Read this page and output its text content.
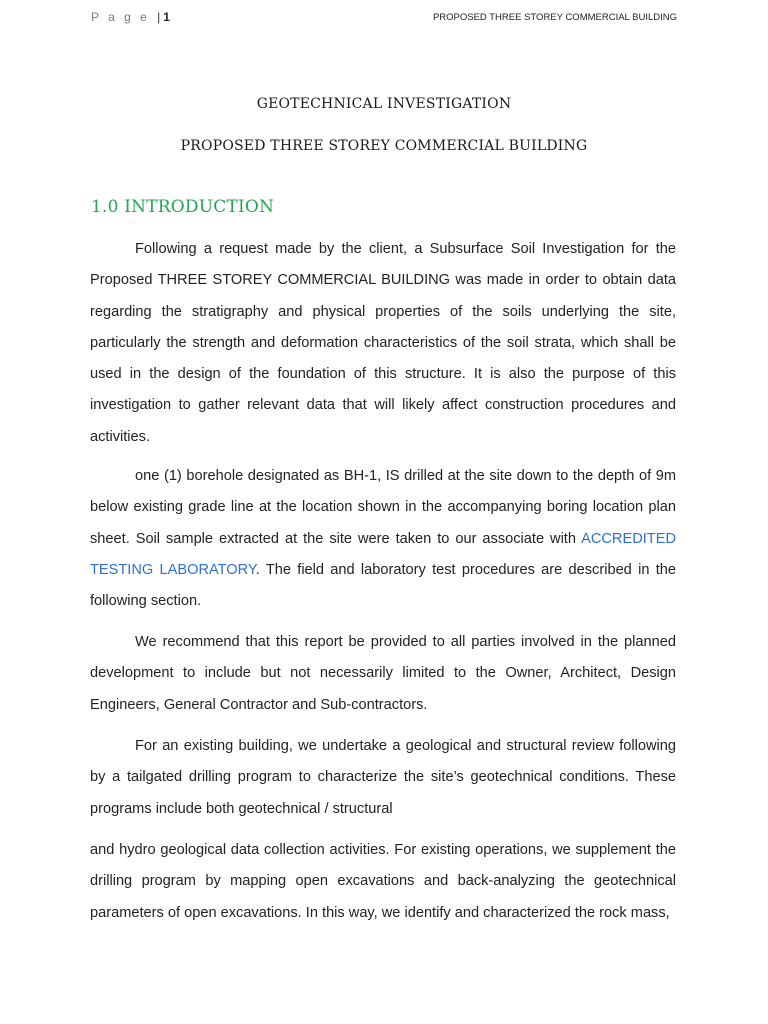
P a g e | 1	PROPOSED THREE STOREY COMMERCIAL BUILDING
GEOTECHNICAL INVESTIGATION
PROPOSED THREE STOREY COMMERCIAL BUILDING
1.0 INTRODUCTION

Following a request made by the client, a Subsurface Soil Investigation for the Proposed THREE STOREY COMMERCIAL BUILDING was made in order to obtain data regarding the stratigraphy and physical properties of the soils underlying the site, particularly the strength and deformation characteristics of the soil strata, which shall be used in the design of the foundation of this structure. It is also the purpose of this investigation to gather relevant data that will likely affect construction procedures and activities.

one (1) borehole designated as BH-1, IS drilled at the site down to the depth of 9m below existing grade line at the location shown in the accompanying boring location plan sheet. Soil sample extracted at the site were taken to our associate with ACCREDITED TESTING LABORATORY. The field and laboratory test procedures are described in the following section.

We recommend that this report be provided to all parties involved in the planned development to include but not necessarily limited to the Owner, Architect, Design Engineers, General Contractor and Sub-contractors.

For an existing building, we undertake a geological and structural review following by a tailgated drilling program to characterize the site’s geotechnical conditions. These programs include both geotechnical / structural

and hydro geological data collection activities. For existing operations, we supplement the drilling program by mapping open excavations and back-analyzing the geotechnical parameters of open excavations. In this way, we identify and characterized the rock mass,
